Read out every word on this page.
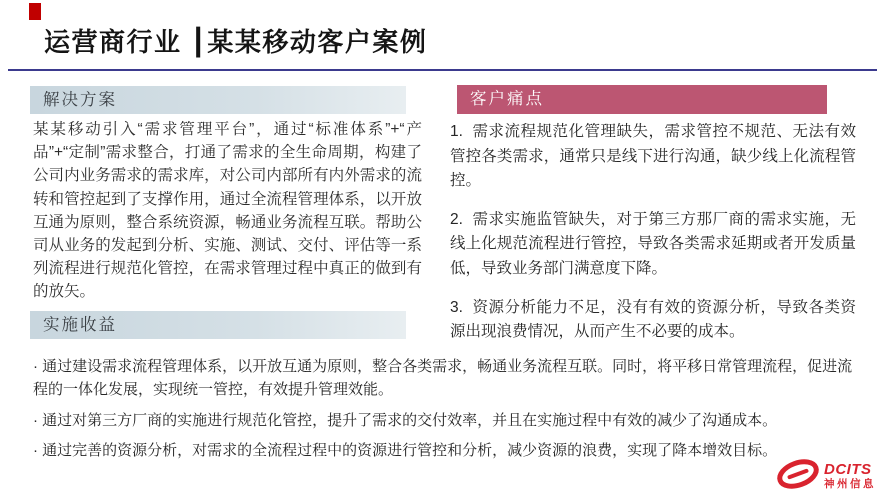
运营商行业 ┃某某移动客户案例
解决方案
某某移动引入“需求管理平台”，通过“标准体系”+“产品”+“定制”需求整合，打通了需求的全生命周期，构建了公司内业务需求的需求库，对公司内部所有内外需求的流转和管控起到了支撑作用，通过全流程管理体系，以开放互通为原则，整合系统资源，畅通业务流程互联。帮助公司从业务的发起到分析、实施、测试、交付、评估等一系列流程进行规范化管控，在需求管理过程中真正的做到有的放矢。
客户痛点

1.  需求流程规范化管理缺失，需求管控不规范、无法有效管控各类需求，通常只是线下进行沟通，缺少线上化流程管控。

2.  需求实施监管缺失，对于第三方那厂商的需求实施，无线上化规范流程进行管控，导致各类需求延期或者开发质量低，导致业务部门满意度下降。

3.  资源分析能力不足，没有有效的资源分析，导致各类资源出现浪费情况，从而产生不必要的成本。

实施收益

· 通过建设需求流程管理体系，以开放互通为原则，整合各类需求，畅通业务流程互联。同时，将平移日常管理流程，促进流程的一体化发展，实现统一管控，有效提升管理效能。

· 通过对第三方厂商的实施进行规范化管控，提升了需求的交付效率，并且在实施过程中有效的减少了沟通成本。

· 通过完善的资源分析，对需求的全流程过程中的资源进行管控和分析，减少资源的浪费，实现了降本增效目标。

DCITS
神州信息
